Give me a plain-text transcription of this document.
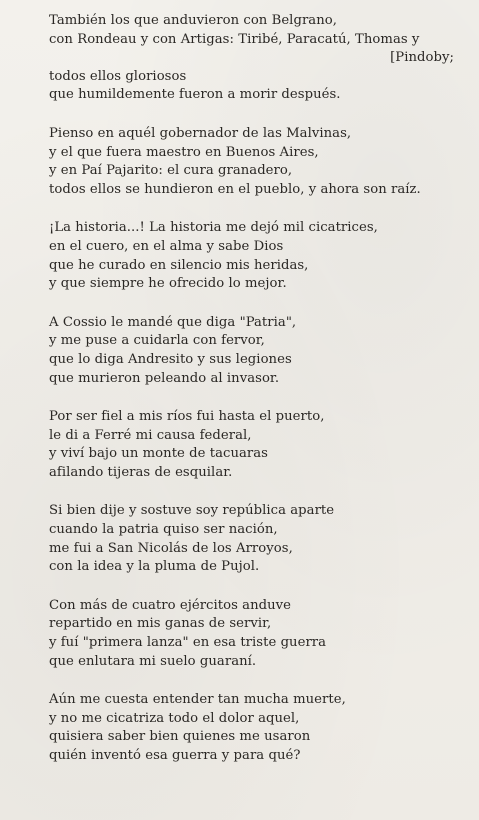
También los que anduvieron con Belgrano,
con Rondeau y con Artigas: Tiribé, Paracatú, Thomas y
[Pindoby;
todos ellos gloriosos
que humildemente fueron a morir después.

Pienso en aquél gobernador de las Malvinas,
y el que fuera maestro en Buenos Aires,
y en Paí Pajarito: el cura granadero,
todos ellos se hundieron en el pueblo, y ahora son raíz.

¡La historia...! La historia me dejó mil cicatrices,
en el cuero, en el alma y sabe Dios
que he curado en silencio mis heridas,
y que siempre he ofrecido lo mejor.

A Cossio le mandé que diga "Patria",
y me puse a cuidarla con fervor,
que lo diga Andresito y sus legiones
que murieron peleando al invasor.

Por ser fiel a mis ríos fui hasta el puerto,
le di a Ferré mi causa federal,
y viví bajo un monte de tacuaras
afilando tijeras de esquilar.

Si bien dije y sostuve soy república aparte
cuando la patria quiso ser nación,
me fui a San Nicolás de los Arroyos,
con la idea y la pluma de Pujol.

Con más de cuatro ejércitos anduve
repartido en mis ganas de servir,
y fuí "primera lanza" en esa triste guerra
que enlutara mi suelo guaraní.

Aún me cuesta entender tan mucha muerte,
y no me cicatriza todo el dolor aquel,
quisiera saber bien quienes me usaron
quién inventó esa guerra y para qué?
